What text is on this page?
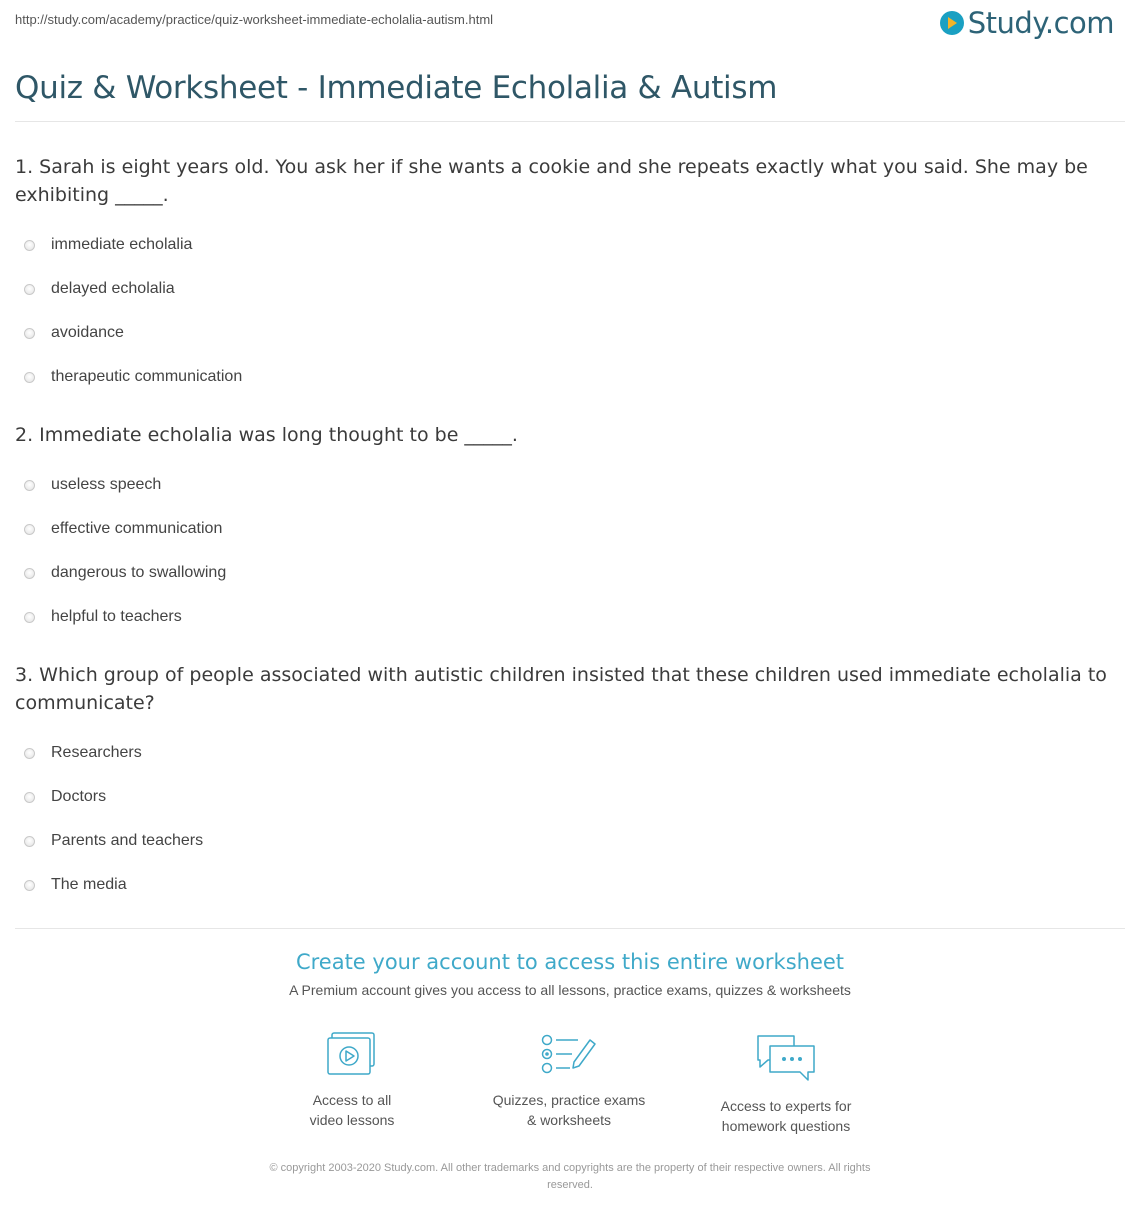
http://study.com/academy/practice/quiz-worksheet-immediate-echolalia-autism.html	Study.com
Quiz & Worksheet - Immediate Echolalia & Autism

1. Sarah is eight years old. You ask her if she wants a cookie and she repeats exactly what you said. She may be exhibiting _____.

immediate echolalia
delayed echolalia
avoidance
therapeutic communication

2. Immediate echolalia was long thought to be _____.

useless speech
effective communication
dangerous to swallowing
helpful to teachers

3. Which group of people associated with autistic children insisted that these children used immediate echolalia to communicate?

Researchers
Doctors
Parents and teachers
The media
Create your account to access this entire worksheet
A Premium account gives you access to all lessons, practice exams, quizzes & worksheets
Access to all
video lessons
Quizzes, practice exams
& worksheets
Access to experts for
homework questions
© copyright 2003-2020 Study.com. All other trademarks and copyrights are the property of their respective owners. All rights
reserved.
